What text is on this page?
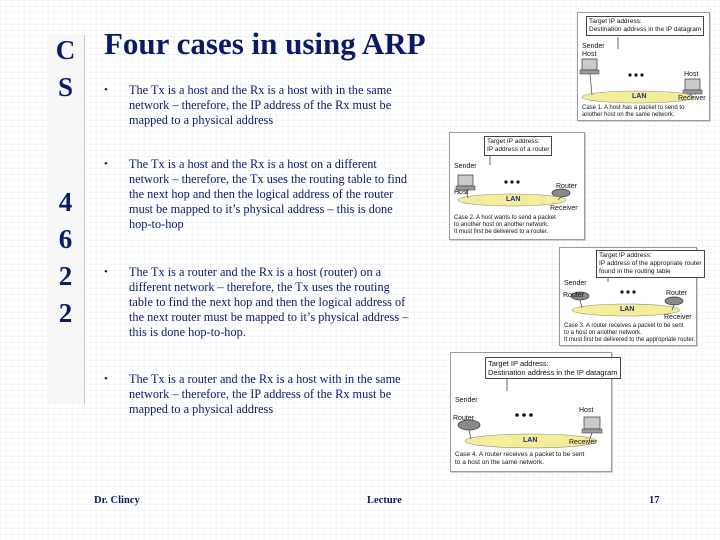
C
S
4
6
2
2
Four cases in using ARP
• The Tx is a host and the Rx is a host with in the same network – therefore, the IP address of the Rx must be mapped to a physical address
• The Tx is a host and the Rx is a host on a different network – therefore, the Tx uses the routing table to find the next hop and then the logical address of the router must be mapped to it’s physical address – this is done hop-to-hop
• The Tx is a router and the Rx is a host (router) on a different network – therefore, the Tx uses the routing table to find the next hop and then the logical address of the next router must be mapped to it’s physical address – this is done hop-to-hop.
• The Tx is a router and the Rx is a host with in the same network – therefore, the IP address of the Rx must be mapped to a physical address
Target IP address:
Destination address in the IP datagram
Sender
Host
Host
Receiver
LAN
Case 1. A host has a packet to send to
another host on the same network.
Target IP address:
IP address of a router
Sender
Host
Router
Receiver
LAN
Case 2. A host wants to send a packet
to another host on another network.
It must first be delivered to a router.
Target IP address:
IP address of the appropriate router
found in the routing table
Sender
Router	Router
Receiver
LAN
Case 3. A router receives a packet to be sent
to a host on another network.
It must first be delivered to the appropriate router.
Target IP address:
Destination address in the IP datagram
Sender
Router
Host
Receiver
LAN
Case 4. A router receives a packet to be sent
to a host on the same network.
Dr. Clincy	Lecture	17
